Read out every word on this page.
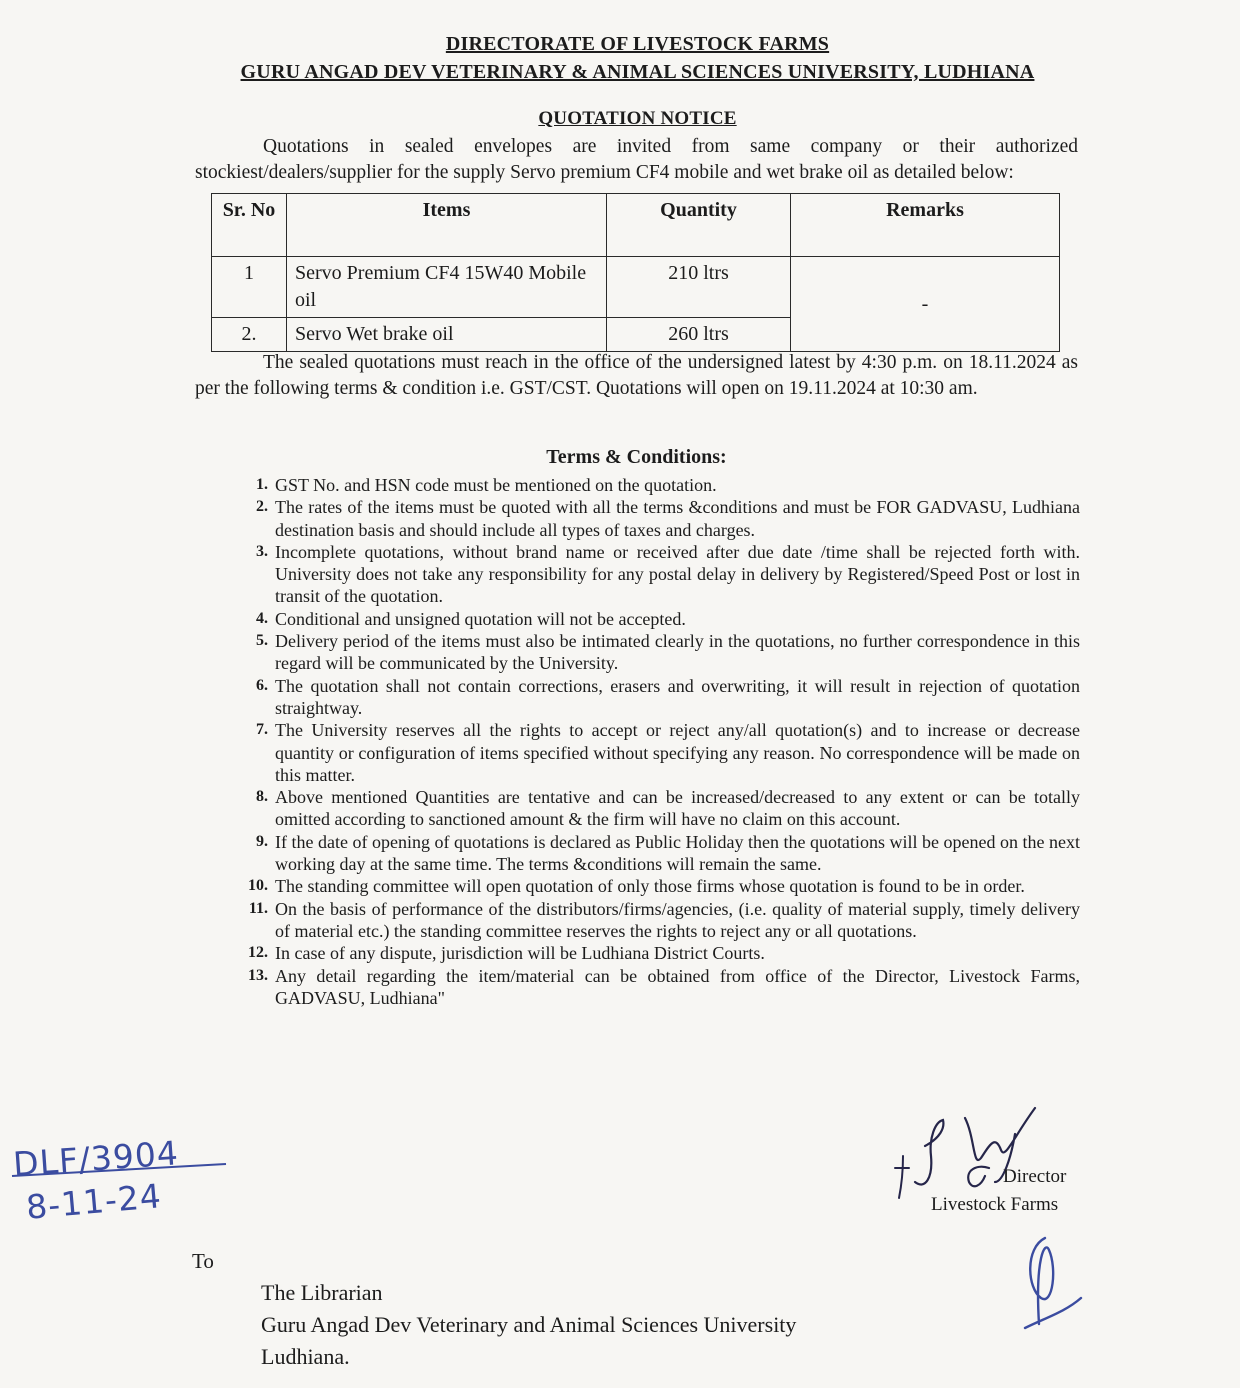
DIRECTORATE OF LIVESTOCK FARMS
GURU ANGAD DEV VETERINARY & ANIMAL SCIENCES UNIVERSITY, LUDHIANA
QUOTATION NOTICE
Quotations in sealed envelopes are invited from same company or their authorized stockiest/dealers/supplier for the supply Servo premium CF4 mobile and wet brake oil as detailed below:
Sr. No	Items	Quantity	Remarks
1	Servo Premium CF4 15W40 Mobile oil	210 ltrs	-
2.	Servo Wet brake oil	260 ltrs	
The sealed quotations must reach in the office of the undersigned latest by 4:30 p.m. on 18.11.2024 as per the following terms & condition i.e. GST/CST. Quotations will open on 19.11.2024 at 10:30 am.
Terms & Conditions:
1. GST No. and HSN code must be mentioned on the quotation.
2. The rates of the items must be quoted with all the terms &conditions and must be FOR GADVASU, Ludhiana destination basis and should include all types of taxes and charges.
3. Incomplete quotations, without brand name or received after due date /time shall be rejected forth with. University does not take any responsibility for any postal delay in delivery by Registered/Speed Post or lost in transit of the quotation.
4. Conditional and unsigned quotation will not be accepted.
5. Delivery period of the items must also be intimated clearly in the quotations, no further correspondence in this regard will be communicated by the University.
6. The quotation shall not contain corrections, erasers and overwriting, it will result in rejection of quotation straightway.
7. The University reserves all the rights to accept or reject any/all quotation(s) and to increase or decrease quantity or configuration of items specified without specifying any reason. No correspondence will be made on this matter.
8. Above mentioned Quantities are tentative and can be increased/decreased to any extent or can be totally omitted according to sanctioned amount & the firm will have no claim on this account.
9. If the date of opening of quotations is declared as Public Holiday then the quotations will be opened on the next working day at the same time. The terms &conditions will remain the same.
10. The standing committee will open quotation of only those firms whose quotation is found to be in order.
11. On the basis of performance of the distributors/firms/agencies, (i.e. quality of material supply, timely delivery of material etc.) the standing committee reserves the rights to reject any or all quotations.
12. In case of any dispute, jurisdiction will be Ludhiana District Courts.
13. Any detail regarding the item/material can be obtained from office of the Director, Livestock Farms, GADVASU, Ludhiana"
Director
Livestock Farms
DLF/3904
8-11-24
To
The Librarian
Guru Angad Dev Veterinary and Animal Sciences University
Ludhiana.
